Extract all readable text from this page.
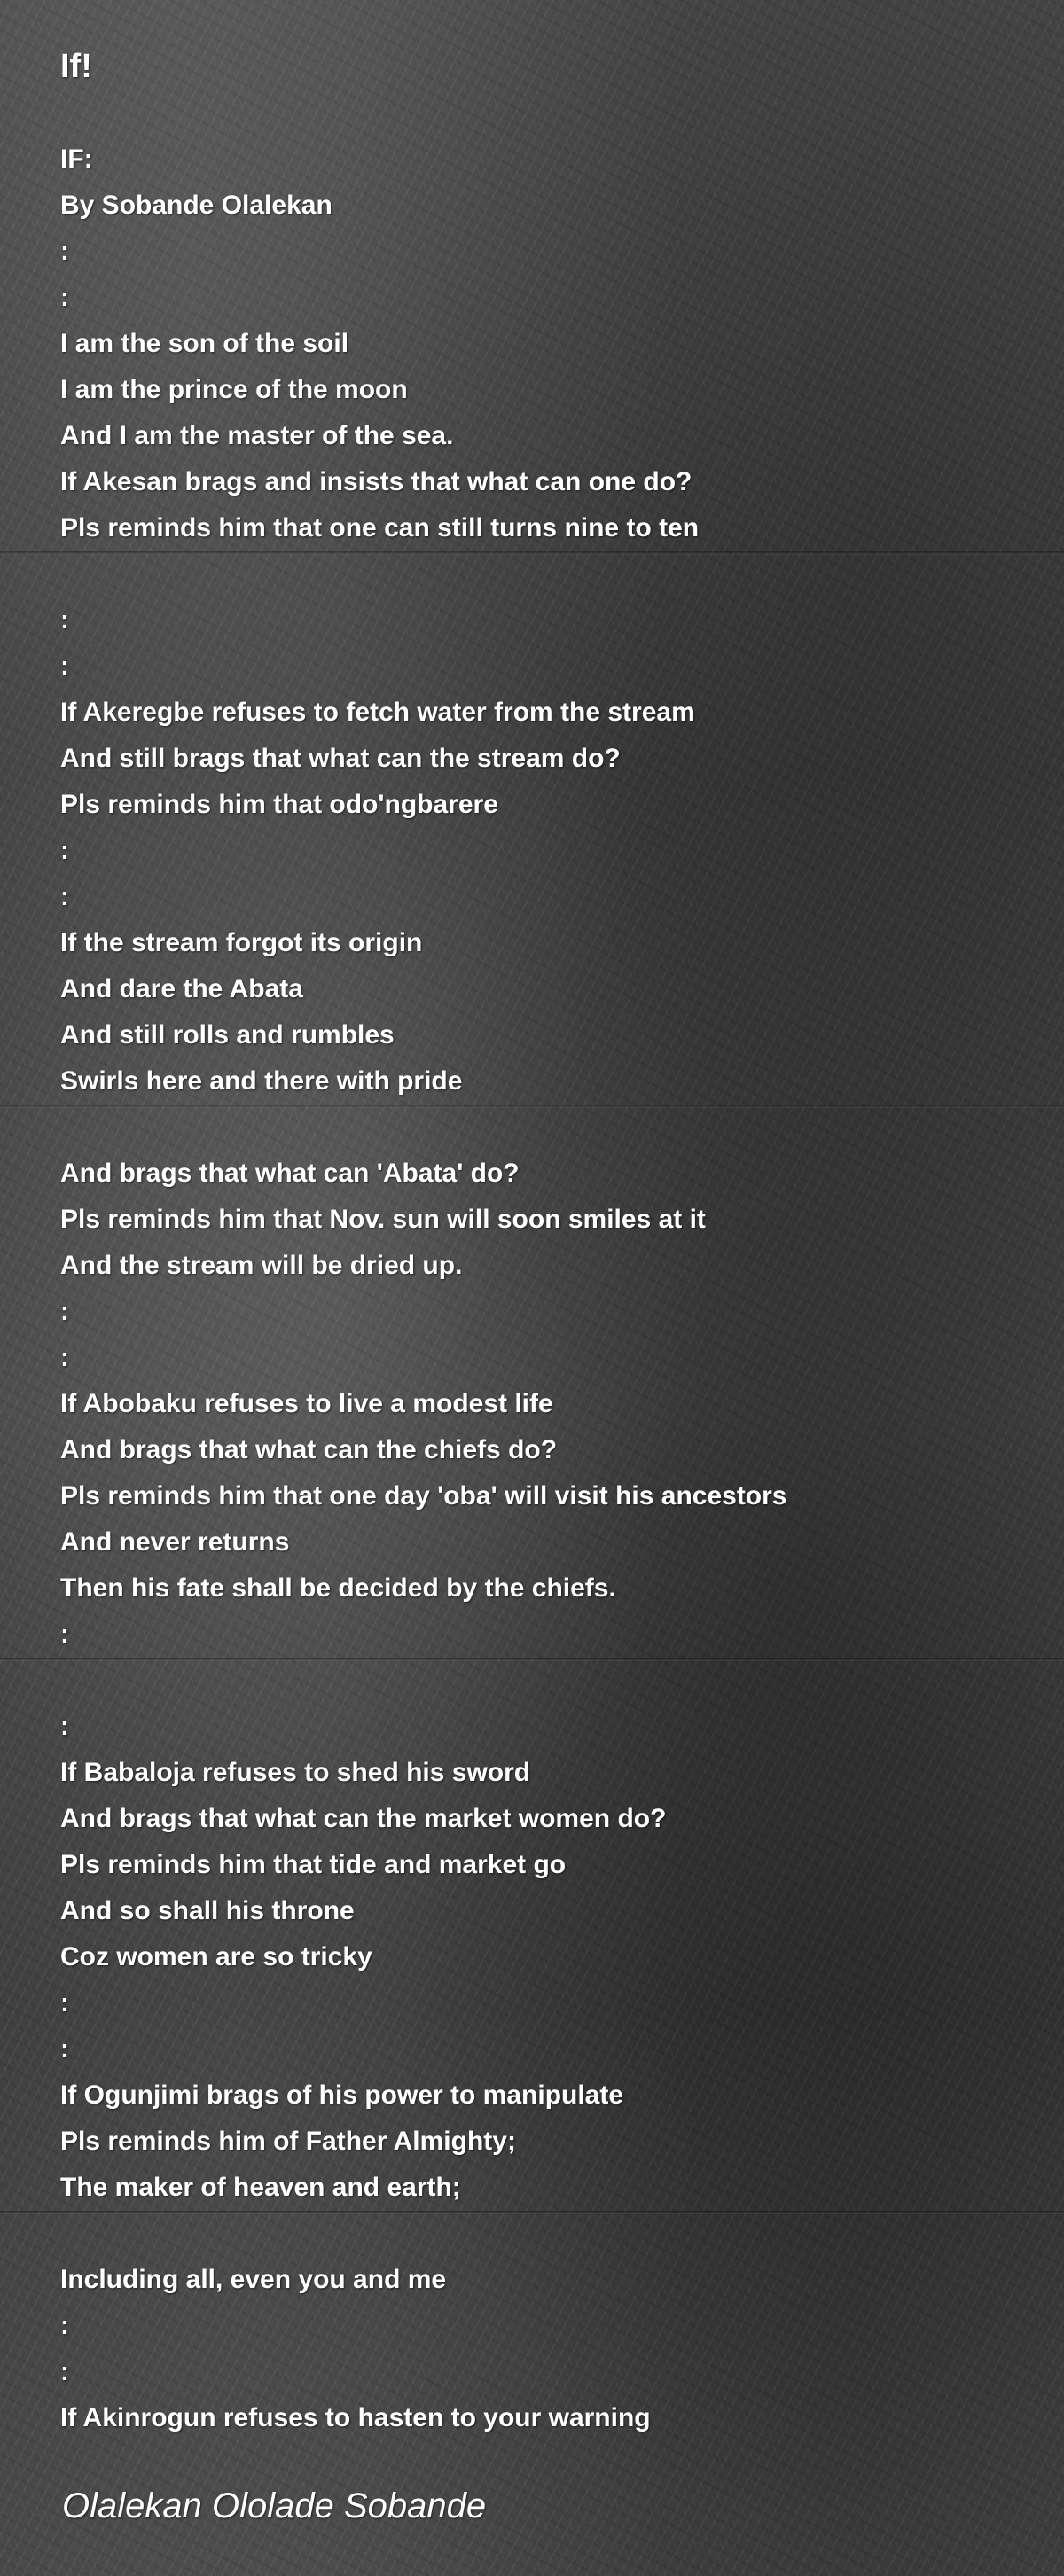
If!
IF:
By Sobande Olalekan
:
:
I am the son of the soil
I am the prince of the moon
And I am the master of the sea.
If Akesan brags and insists that what can one do?
Pls reminds him that one can still turns nine to ten
:
:
If Akeregbe refuses to fetch water from the stream
And still brags that what can the stream do?
Pls reminds him that odo'ngbarere
:
:
If the stream forgot its origin
And dare the Abata
And still rolls and rumbles
Swirls here and there with pride
And brags that what can 'Abata' do?
Pls reminds him that Nov. sun will soon smiles at it
And the stream will be dried up.
:
:
If Abobaku refuses to live a modest life
And brags that what can the chiefs do?
Pls reminds him that one day 'oba' will visit his ancestors
And never returns
Then his fate shall be decided by the chiefs.
:
:
If Babaloja refuses to shed his sword
And brags that what can the market women do?
Pls reminds him that tide and market go
And so shall his throne
Coz women are so tricky
:
:
If Ogunjimi brags of his power to manipulate
Pls reminds him of Father Almighty;
The maker of heaven and earth;
Including all, even you and me
:
:
If Akinrogun refuses to hasten to your warning
Olalekan Ololade Sobande
